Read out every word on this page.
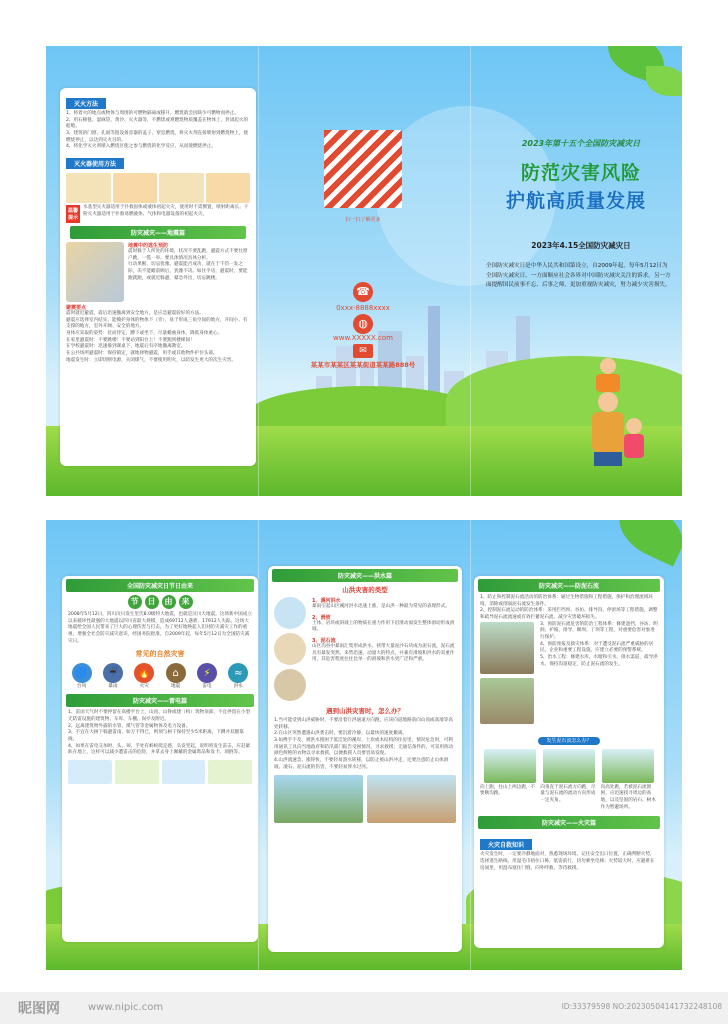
灭火方法
1、将着火的地点或物体与周围的可燃物隔离或移开，燃烧就会因缺少可燃物而停止。
2、用石棉毯、湿麻袋、黄沙、灭火器等，不燃烧或难燃烧物质覆盖在物体上，封闭起火的船舱。
3、建筑的门窗、孔洞等阻设备容器的盖子，窒息燃烧，将灭火剂直接喷射到燃烧物上，使燃烧停止，以达到灭火目的。
4、将化学灭火剂喷入燃烧区使之参与燃烧的化学反应，从而使燃烧停止。
灭火器使用方法
温馨提示
水基型灭火器适用于扑救固体或液体初起火灾，使用时不需倒置，喷射距离长。干粉灭火器适用于扑救易燃液体、气体和电器设备的初起火灾。
防灾减灾——地震篇
地震中的逃生预防
震时躲于人所处的环境，状况不要乱跑，避震方式不要往窗户跳，一慌一举。要具体情况具体分析。
行动果断，切忌犹豫。避震能否成功，就在于千钧一发之际，决不能瞻前顾后，犹豫不决。如住平房，避震时，要能跑就跑，或就近躲避，紧急外出，切忌跳楼。
避震要点
震时就近避震，震后迅速撤离到安全地方，是应急避震较好的方法。
避震应选择室内结实、能掩护身体的物体下（旁），易于形成三角空间的地方，开间小、有支撑的地方，室外开阔、安全的地方。
身体应采取的姿势：伏而待定，蹲下或坐下，尽量蜷曲身体，降低身体重心。
在家里避震时：不要跳楼！不要站到阳台上！不要跑到楼梯间！
在学校避震时：迅速躲到课桌下，地震后有序地撤离教室。
在公共场所避震时：保持镇定，就地择物避震，用手或其他物件护住头部。
地震发生时：立即切断电源，关闭煤气，不要使用明火，以防发生更大的次生灾害。
扫一扫了解更多
☎
0xxx-8888xxxx
◍
www.XXXXX.com
✉
某某市某某区某某街道某某路888号
2023年第十五个全国防灾减灾日
防范灾害风险
护航高质量发展
2023年4.15全国防灾减灾日
全国防灾减灾日是中华人民共和国第设立，自2009年起，每年5月12日为全国防灾减灾日。一方面顺应社会各界对中国防灾减灾关注的诉求，另一方面提醒国民前事不忘、后事之师，更加重视防灾减灾，努力减少灾害损失。
全国防灾减灾日节日由来
节	日	由	来
2008年5月12日，四川汶川发生里氏8.0级特大地震，也就是汶川大地震。这场新中国成立以来破坏性最强的大地震以四川省最大规模，造成69712人遇难，17912人失踪。这场大地震给全国人民带来了巨大的心理伤害与打击。为了更好地唤起人们对防灾减灾工作的重视，增强全社会防灾减灾意识，经国务院批准，自2009年起，每年5月12日为全国防灾减灾日。
常见的自然灾害
🌀
台风
☔
暴雨
🔥
火灾
⌂
地震
⚡
雷电
≈
洪水
防灾减灾——雷电篇
1、雷雨天气时不要停留在高楼平台上，山顶、山脊或建（构）筑物顶部，不宜停留在小型无防雷设施的建筑物、车库、车棚、岗亭及附近。
2、远离建筑物外露的水管、煤气管等金属物体及电力设备。
3、不宜在大树下躲避雷雨，如万不得已，则须与树干保持至少5米距离，下蹲并双腿靠拢。
4、如果在雷电交加时，头、颈、手处有蚂蚁爬走感，头发竖起，说明将发生雷击，应赶紧趴在地上，这样可以减少遭雷击的危险，并拿去身上佩戴的金属饰品和发卡、项链等。
防灾减灾——洪水篇
山洪灾害的类型
1、溪河洪水
暴雨引起山区溪河洪水迅速上涨，是山洪一种最为常见的表现形式。
2、滑坡
土体、岩块或斜坡上的物质在重力作用下沿滑动面发生整体滑动形成滑坡。
3、泥石流
山区沟谷中暴雨汇集形成洪水，挟带大量泥沙石块成为泥石流。泥石流具有暴发突然、来势迅速、动量大的特点，并兼有滑坡和洪水的双重作用，其危害程度往往比单一的滑坡和洪水更广泛和严重。
遇到山洪灾害时，怎么办？
1.当可能受到山洪威胁时，不要沿着行洪通道方向跑，应该向道地路前向山顶或高地等高处转移。
2.在山区突然遭遇山洪袭击时，要沉着冷静，以最快的速度撤离。
3.如携手不及，被洪水围困于低洼处的溪岸、土坎或木结构的住房里，情况危急时，可利用通讯工具向当地政府和防汛部门报告受困情况，寻求救援；无通信条件的，可采用挥动颜色鲜艳的衣物以寻求救援，以便救援人员要容易发现。
4.山洪流速急、涨得快，不要轻易游水转移，以防止被山洪冲走，还要注意防止山体滑坡、滚石、泥石流的伤害，不要轻易涉水过河。
防灾减灾——防泥石流
1、防止和控制泥石流活动的防治体系：通过生物措施和工程措施，保护和治理流域环境，消除或削弱泥石流发生条件。
2、控制泥石流运动的防治体系：采用拦挡坝、谷坊、排导沟、停淤场等工程措施，调整和疏导泥石流流速或有效拦蓄泥石流，减少灾害破坏损失。
3、预防泥石流危害的防治工程体系：修建遮挡、谷坊、明洞、护坡、排导、顺坝、丁坝等工程，对重要危害对象进行保护。
4、预防预报及救灾体系：对于遭受泥石流严重威胁的居民、企业和重要工程设施，应建立必要的预警系统。
5、治水工程：修建水库、水塘和引水、排水渠道，疏导洪水，保持沟道稳定，防止泥石流的发生。
发生泥石流怎么办？
向上跑，往山上两边跑，不要顺沟跑。
向垂直于泥石流方向跑，尽量与泥石流的流动方向形成一定夹角。
向高处跑，若被泥石流围困，应迅速找寻周边的高地，以及坚固的岩石、树木作为暂避场所。
防灾减灾——火灾篇
火灾自救知识
火灾发生时，一定要冷静地面对，熟悉现场环境，记住安全出口位置，正确判断火势，选择逃生路线。用湿毛巾捂住口鼻，低姿前行，切勿乘坐电梯；火势较大时，应避难在房间里，用湿布塞住门缝，向外呼救，等待救援。
昵图网	www.nipic.com	ID:33379598 NO:20230504141732248108
